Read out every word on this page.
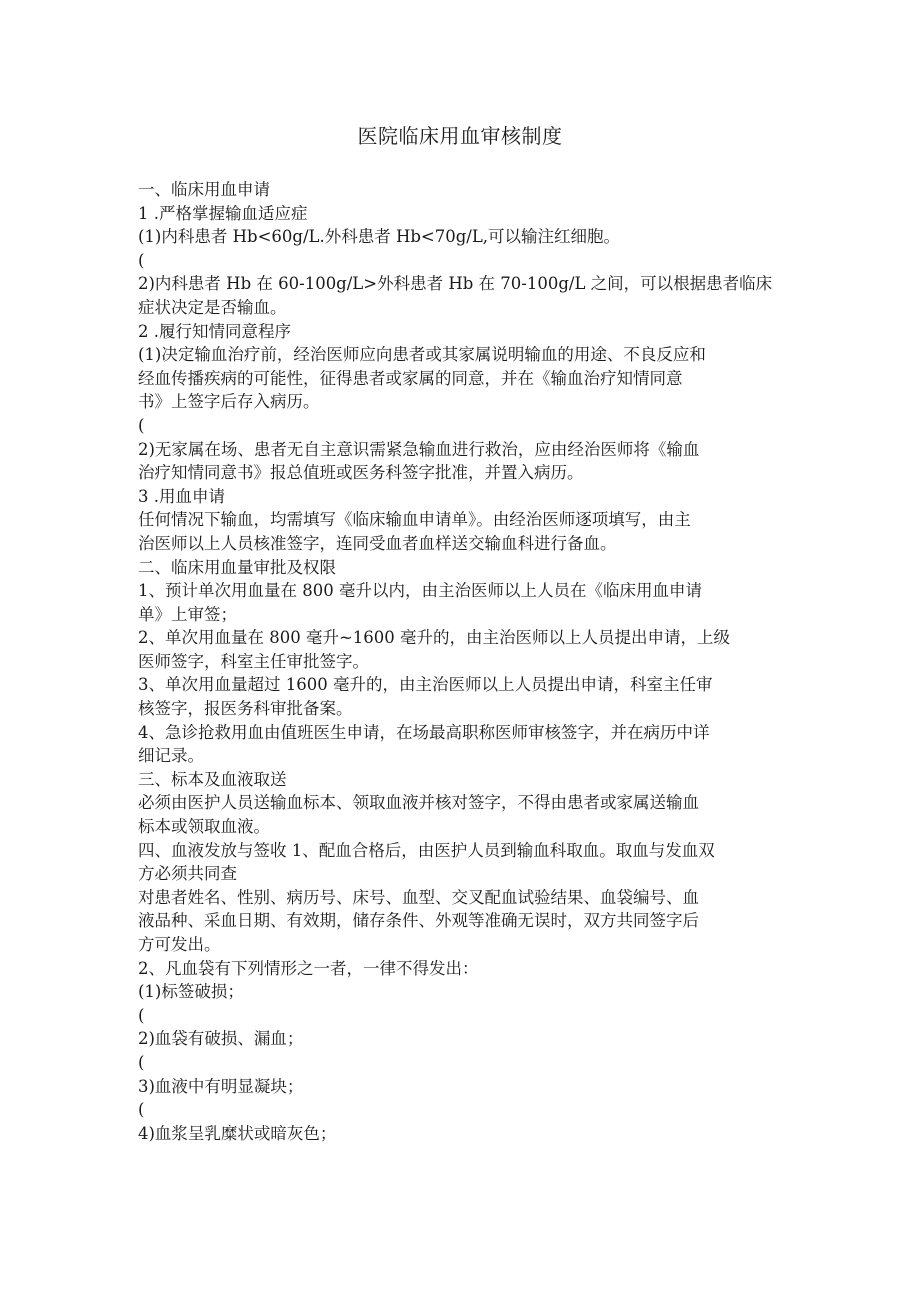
医院临床用血审核制度
一、临床用血申请
1 .严格掌握输血适应症
(1)内科患者 Hb<60g/L.外科患者 Hb<70g/L,可以输注红细胞。
(
2)内科患者 Hb 在 60-100g/L>外科患者 Hb 在 70-100g/L 之间，可以根据患者临床
症状决定是否输血。
2 .履行知情同意程序
(1)决定输血治疗前，经治医师应向患者或其家属说明输血的用途、不良反应和
经血传播疾病的可能性，征得患者或家属的同意，并在《输血治疗知情同意
书》上签字后存入病历。
(
2)无家属在场、患者无自主意识需紧急输血进行救治，应由经治医师将《输血
治疗知情同意书》报总值班或医务科签字批准，并置入病历。
3 .用血申请
任何情况下输血，均需填写《临床输血申请单》。由经治医师逐项填写，由主
治医师以上人员核准签字，连同受血者血样送交输血科进行备血。
二、临床用血量审批及权限
1、预计单次用血量在 800 毫升以内，由主治医师以上人员在《临床用血申请
单》上审签；
2、单次用血量在 800 毫升~1600 毫升的，由主治医师以上人员提出申请，上级
医师签字，科室主任审批签字。
3、单次用血量超过 1600 毫升的，由主治医师以上人员提出申请，科室主任审
核签字，报医务科审批备案。
4、急诊抢救用血由值班医生申请，在场最高职称医师审核签字，并在病历中详
细记录。
三、标本及血液取送
必须由医护人员送输血标本、领取血液并核对签字，不得由患者或家属送输血
标本或领取血液。
四、血液发放与签收 1、配血合格后，由医护人员到输血科取血。取血与发血双
方必须共同查
对患者姓名、性别、病历号、床号、血型、交叉配血试验结果、血袋编号、血
液品种、采血日期、有效期，储存条件、外观等准确无误时，双方共同签字后
方可发出。
2、凡血袋有下列情形之一者，一律不得发出：
(1)标签破损；
(
2)血袋有破损、漏血；
(
3)血液中有明显凝块；
(
4)血浆呈乳糜状或暗灰色；
